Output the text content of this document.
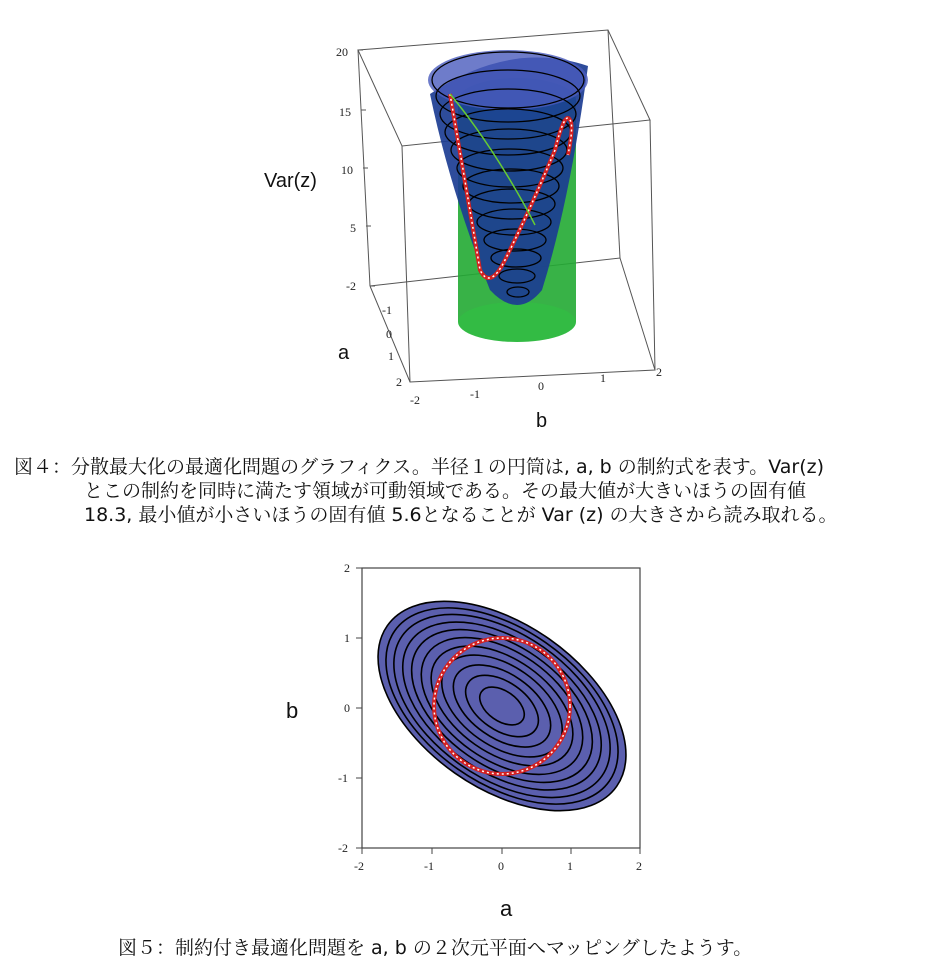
20
15
10
5
-2
-1
0
1
2
-2	-1
0
1	2
Var(z)
a
b
図４：分散最大化の最適化問題のグラフィクス。半径１の円筒は, a, b の制約式を表す。Var(z)
とこの制約を同時に満たす領域が可動領域である。その最大値が大きいほうの固有値
18.3, 最小値が小さいほうの固有値 5.6となることが Var (z) の大きさから読み取れる。
2
1
0
-1
-2
-2	-1	0	1	2
b
a
図５：制約付き最適化問題を a, b の２次元平面へマッピングしたようす。
